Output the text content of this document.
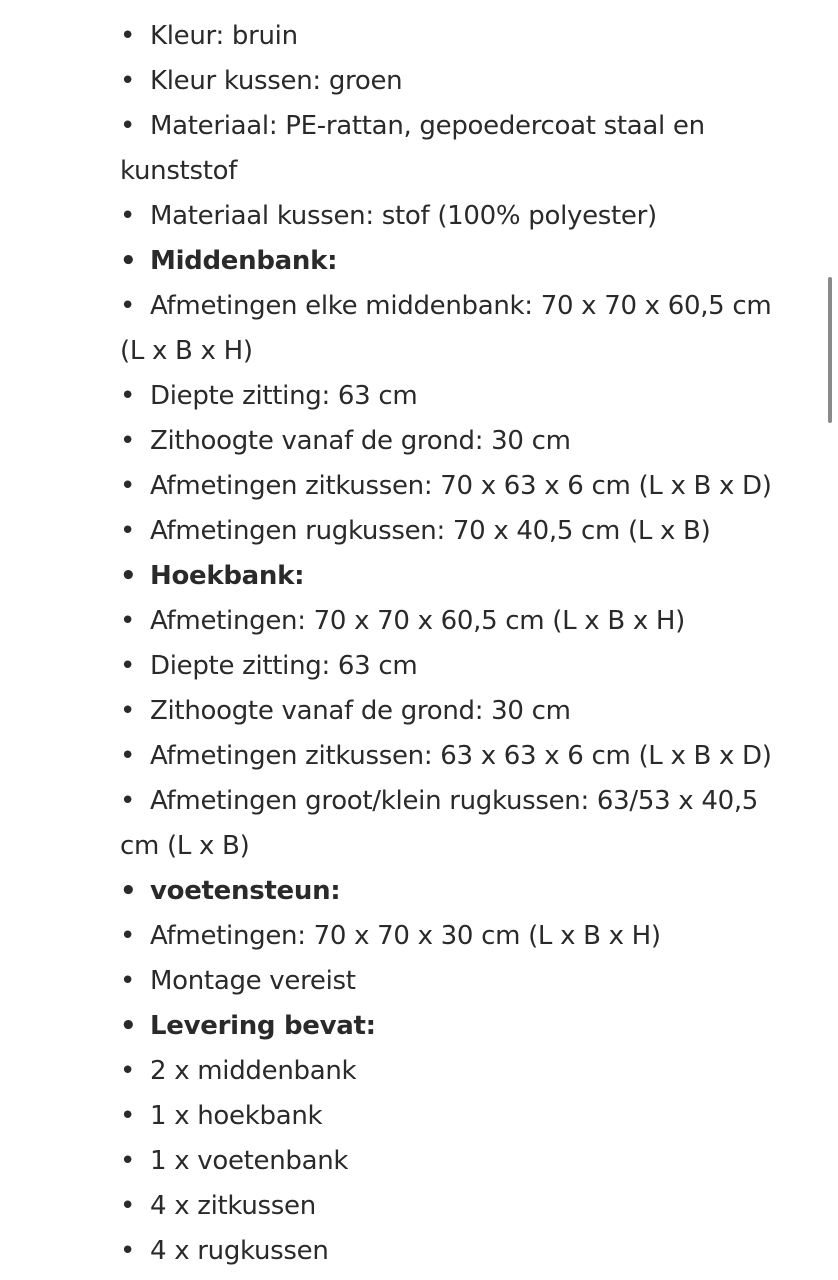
• Kleur: bruin
• Kleur kussen: groen
• Materiaal: PE-rattan, gepoedercoat staal en
kunststof
• Materiaal kussen: stof (100% polyester)
• Middenbank:
• Afmetingen elke middenbank: 70 x 70 x 60,5 cm
(L x B x H)
• Diepte zitting: 63 cm
• Zithoogte vanaf de grond: 30 cm
• Afmetingen zitkussen: 70 x 63 x 6 cm (L x B x D)
• Afmetingen rugkussen: 70 x 40,5 cm (L x B)
• Hoekbank:
• Afmetingen: 70 x 70 x 60,5 cm (L x B x H)
• Diepte zitting: 63 cm
• Zithoogte vanaf de grond: 30 cm
• Afmetingen zitkussen: 63 x 63 x 6 cm (L x B x D)
• Afmetingen groot/klein rugkussen: 63/53 x 40,5
cm (L x B)
• voetensteun:
• Afmetingen: 70 x 70 x 30 cm (L x B x H)
• Montage vereist
• Levering bevat:
• 2 x middenbank
• 1 x hoekbank
• 1 x voetenbank
• 4 x zitkussen
• 4 x rugkussen
